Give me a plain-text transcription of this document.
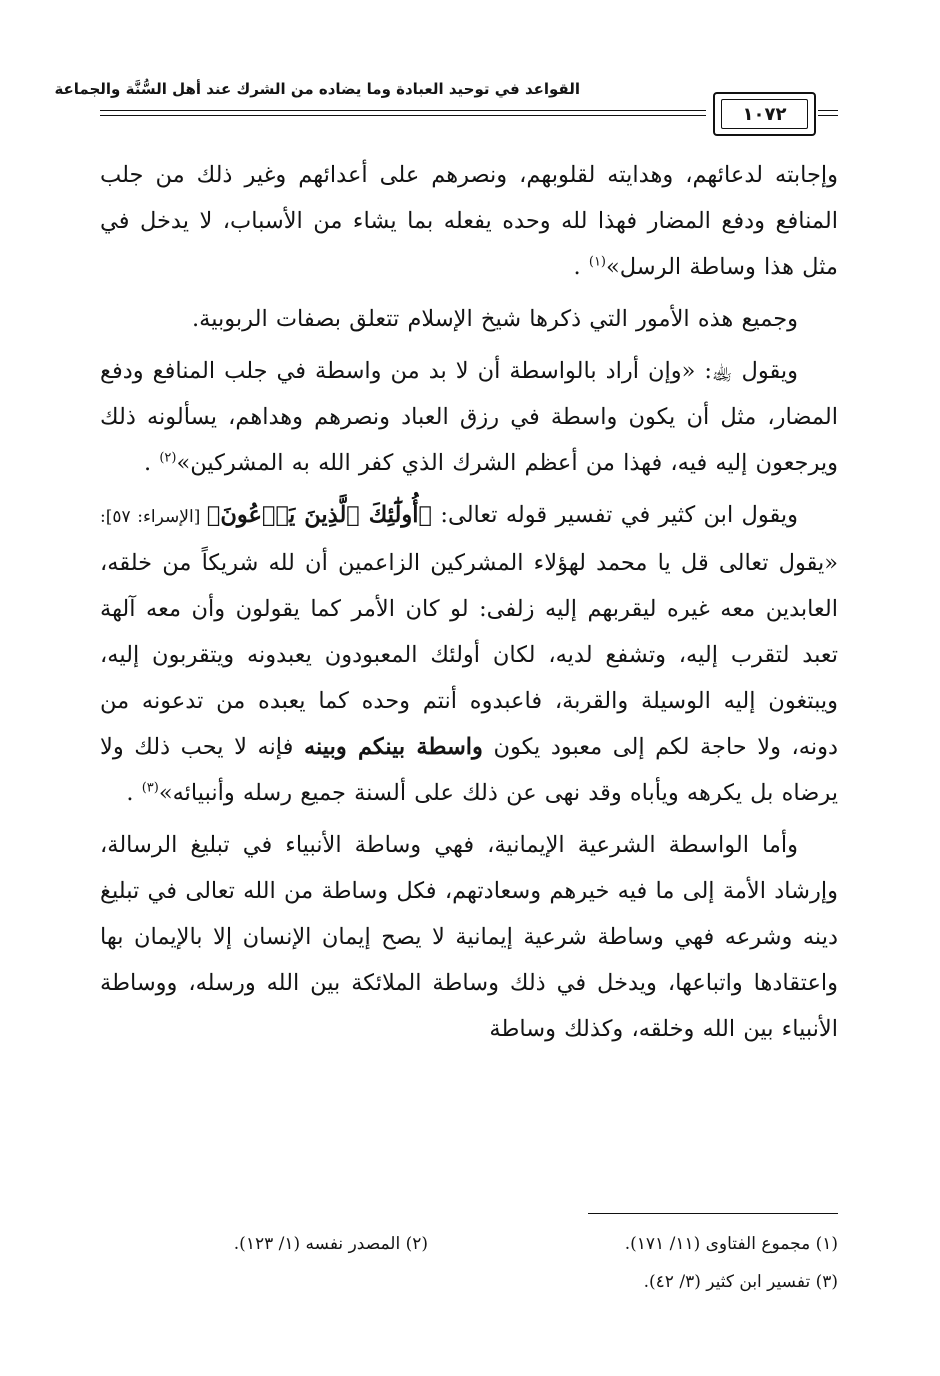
القواعد في توحيد العبادة وما يضاده من الشرك عند أهل السُّنَّة والجماعة
١٠٧٢

وإجابته لدعائهم، وهدايته لقلوبهم، ونصرهم على أعدائهم وغير ذلك من جلب المنافع ودفع المضار فهذا لله وحده يفعله بما يشاء من الأسباب، لا يدخل في مثل هذا وساطة الرسل»$^{(١)}$ .

وجميع هذه الأمور التي ذكرها شيخ الإسلام تتعلق بصفات الربوبية.

ويقول ﵀: «وإن أراد بالواسطة أن لا بد من واسطة في جلب المنافع ودفع المضار، مثل أن يكون واسطة في رزق العباد ونصرهم وهداهم، يسألونه ذلك ويرجعون إليه فيه، فهذا من أعظم الشرك الذي كفر الله به المشركين»$^{(٢)}$ .

ويقول ابن كثير في تفسير قوله تعالى: ﴿أُولَٰٓئِكَ ٱلَّذِينَ يَدۡعُونَ﴾ [الإسراء: ٥٧]: «يقول تعالى قل يا محمد لهؤلاء المشركين الزاعمين أن لله شريكاً من خلقه، العابدين معه غيره ليقربهم إليه زلفى: لو كان الأمر كما يقولون وأن معه آلهة تعبد لتقرب إليه، وتشفع لديه، لكان أولئك المعبودون يعبدونه ويتقربون إليه، ويبتغون إليه الوسيلة والقربة، فاعبدوه أنتم وحده كما يعبده من تدعونه من دونه، ولا حاجة لكم إلى معبود يكون واسطة بينكم وبينه فإنه لا يحب ذلك ولا يرضاه بل يكرهه ويأباه وقد نهى عن ذلك على ألسنة جميع رسله وأنبيائه»$^{(٣)}$ .

وأما الواسطة الشرعية الإيمانية، فهي وساطة الأنبياء في تبليغ الرسالة، وإرشاد الأمة إلى ما فيه خيرهم وسعادتهم، فكل وساطة من الله تعالى في تبليغ دينه وشرعه فهي وساطة شرعية إيمانية لا يصح إيمان الإنسان إلا بالإيمان بها واعتقادها واتباعها، ويدخل في ذلك وساطة الملائكة بين الله ورسله، ووساطة الأنبياء بين الله وخلقه، وكذلك وساطة

(١) مجموع الفتاوى (١١/ ١٧١).
(٢) المصدر نفسه (١/ ١٢٣).
(٣) تفسير ابن كثير (٣/ ٤٢).
